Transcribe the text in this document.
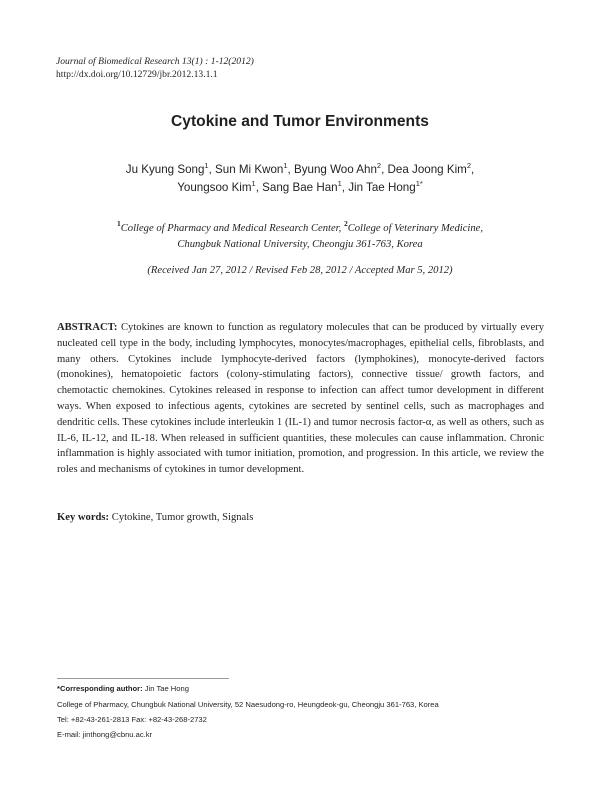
Journal of Biomedical Research 13(1) : 1-12(2012)
http://dx.doi.org/10.12729/jbr.2012.13.1.1
Cytokine and Tumor Environments
Ju Kyung Song$^1$, Sun Mi Kwon$^1$, Byung Woo Ahn$^2$, Dea Joong Kim$^2$,
Youngsoo Kim$^1$, Sang Bae Han$^1$, Jin Tae Hong$^{1*}$
$^1$College of Pharmacy and Medical Research Center, $^2$College of Veterinary Medicine,
Chungbuk National University, Cheongju 361-763, Korea
(Received Jan 27, 2012 / Revised Feb 28, 2012 / Accepted Mar 5, 2012)

ABSTRACT: Cytokines are known to function as regulatory molecules that can be produced by virtually every nucleated cell type in the body, including lymphocytes, monocytes/macrophages, epithelial cells, fibroblasts, and many others. Cytokines include lymphocyte-derived factors (lymphokines), monocyte-derived factors (monokines), hematopoietic factors (colony-stimulating factors), connective tissue/ growth factors, and chemotactic chemokines. Cytokines released in response to infection can affect tumor development in different ways. When exposed to infectious agents, cytokines are secreted by sentinel cells, such as macrophages and dendritic cells. These cytokines include interleukin 1 (IL-1) and tumor necrosis factor-α, as well as others, such as IL-6, IL-12, and IL-18. When released in sufficient quantities, these molecules can cause inflammation. Chronic inflammation is highly associated with tumor initiation, promotion, and progression. In this article, we review the roles and mechanisms of cytokines in tumor development.

Key words: Cytokine, Tumor growth, Signals
*Corresponding author: Jin Tae Hong
College of Pharmacy, Chungbuk National University, 52 Naesudong-ro, Heungdeok-gu, Cheongju 361-763, Korea
Tel: +82-43-261-2813 Fax: +82-43-268-2732
E-mail: jinthong@cbnu.ac.kr
